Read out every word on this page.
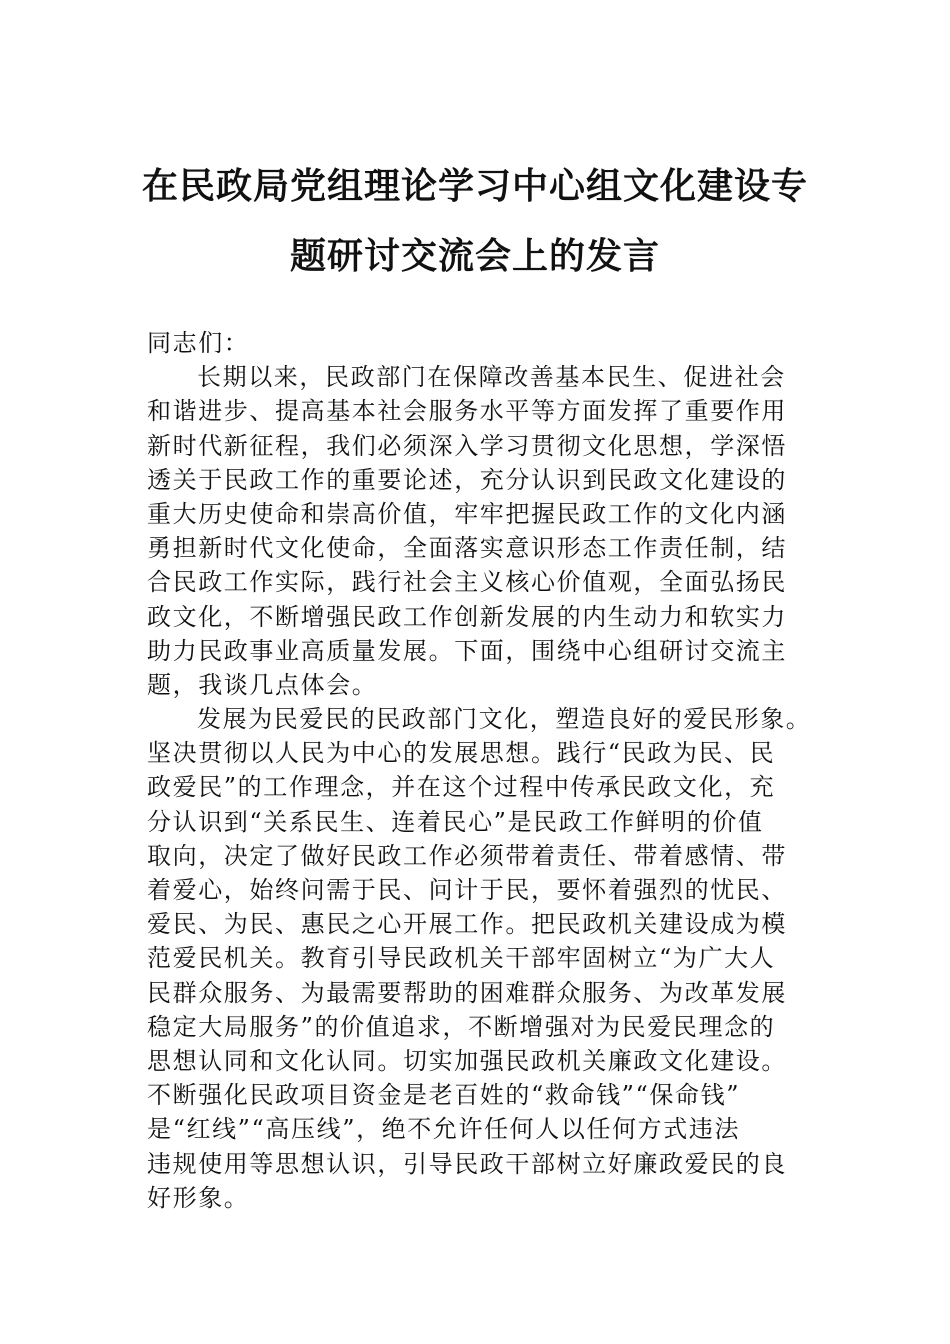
在民政局党组理论学习中心组文化建设专
题研讨交流会上的发言
同志们：
长期以来，民政部门在保障改善基本民生、促进社会
和谐进步、提高基本社会服务水平等方面发挥了重要作用
新时代新征程，我们必须深入学习贯彻文化思想，学深悟
透关于民政工作的重要论述，充分认识到民政文化建设的
重大历史使命和崇高价值，牢牢把握民政工作的文化内涵
勇担新时代文化使命，全面落实意识形态工作责任制，结
合民政工作实际，践行社会主义核心价值观，全面弘扬民
政文化，不断增强民政工作创新发展的内生动力和软实力
助力民政事业高质量发展。下面，围绕中心组研讨交流主
题，我谈几点体会。
发展为民爱民的民政部门文化，塑造良好的爱民形象。
坚决贯彻以人民为中心的发展思想。践行“民政为民、民
政爱民”的工作理念，并在这个过程中传承民政文化，充
分认识到“关系民生、连着民心”是民政工作鲜明的价值
取向，决定了做好民政工作必须带着责任、带着感情、带
着爱心，始终问需于民、问计于民，要怀着强烈的忧民、
爱民、为民、惠民之心开展工作。把民政机关建设成为模
范爱民机关。教育引导民政机关干部牢固树立“为广大人
民群众服务、为最需要帮助的困难群众服务、为改革发展
稳定大局服务”的价值追求，不断增强对为民爱民理念的
思想认同和文化认同。切实加强民政机关廉政文化建设。
不断强化民政项目资金是老百姓的“救命钱”“保命钱”
是“红线”“高压线”，绝不允许任何人以任何方式违法
违规使用等思想认识，引导民政干部树立好廉政爱民的良
好形象。
